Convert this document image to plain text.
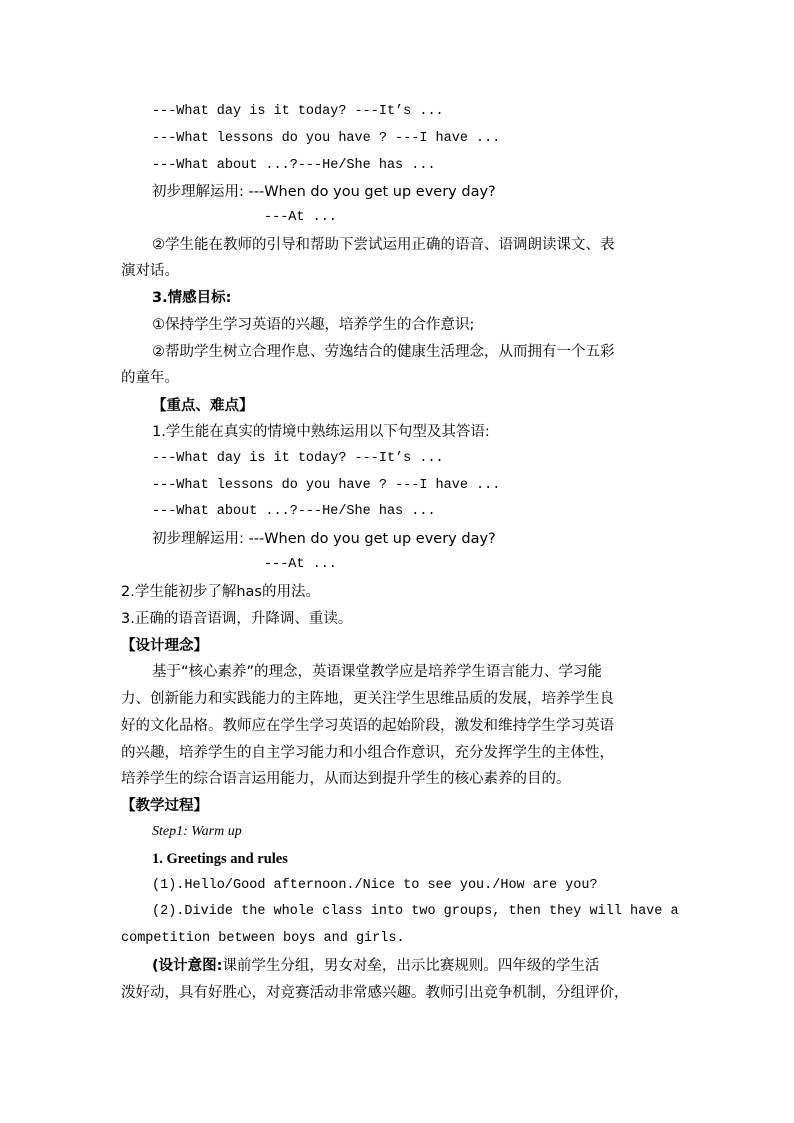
---What day is it today? ---It’s ...
---What lessons do you have ? ---I have ...
---What about ...?---He/She has ...
初步理解运用: ---When do you get up every day?
---At ...
②学生能在教师的引导和帮助下尝试运用正确的语音、语调朗读课文、表
演对话。
3.情感目标:
①保持学生学习英语的兴趣，培养学生的合作意识;
②帮助学生树立合理作息、劳逸结合的健康生活理念，从而拥有一个五彩
的童年。
【重点、难点】
1.学生能在真实的情境中熟练运用以下句型及其答语:
---What day is it today? ---It’s ...
---What lessons do you have ? ---I have ...
---What about ...?---He/She has ...
初步理解运用: ---When do you get up every day?
---At ...
2.学生能初步了解has的用法。
3.正确的语音语调，升降调、重读。
【设计理念】
基于“核心素养”的理念，英语课堂教学应是培养学生语言能力、学习能
力、创新能力和实践能力的主阵地，更关注学生思维品质的发展，培养学生良
好的文化品格。教师应在学生学习英语的起始阶段，激发和维持学生学习英语
的兴趣，培养学生的自主学习能力和小组合作意识，充分发挥学生的主体性，
培养学生的综合语言运用能力，从而达到提升学生的核心素养的目的。
【教学过程】
Step1: Warm up
1. Greetings and rules
(1).Hello/Good afternoon./Nice to see you./How are you?
(2).Divide the whole class into two groups, then they will have a
competition between boys and girls.
(设计意图:课前学生分组，男女对垒，出示比赛规则。四年级的学生活
泼好动，具有好胜心，对竞赛活动非常感兴趣。教师引出竞争机制，分组评价，
